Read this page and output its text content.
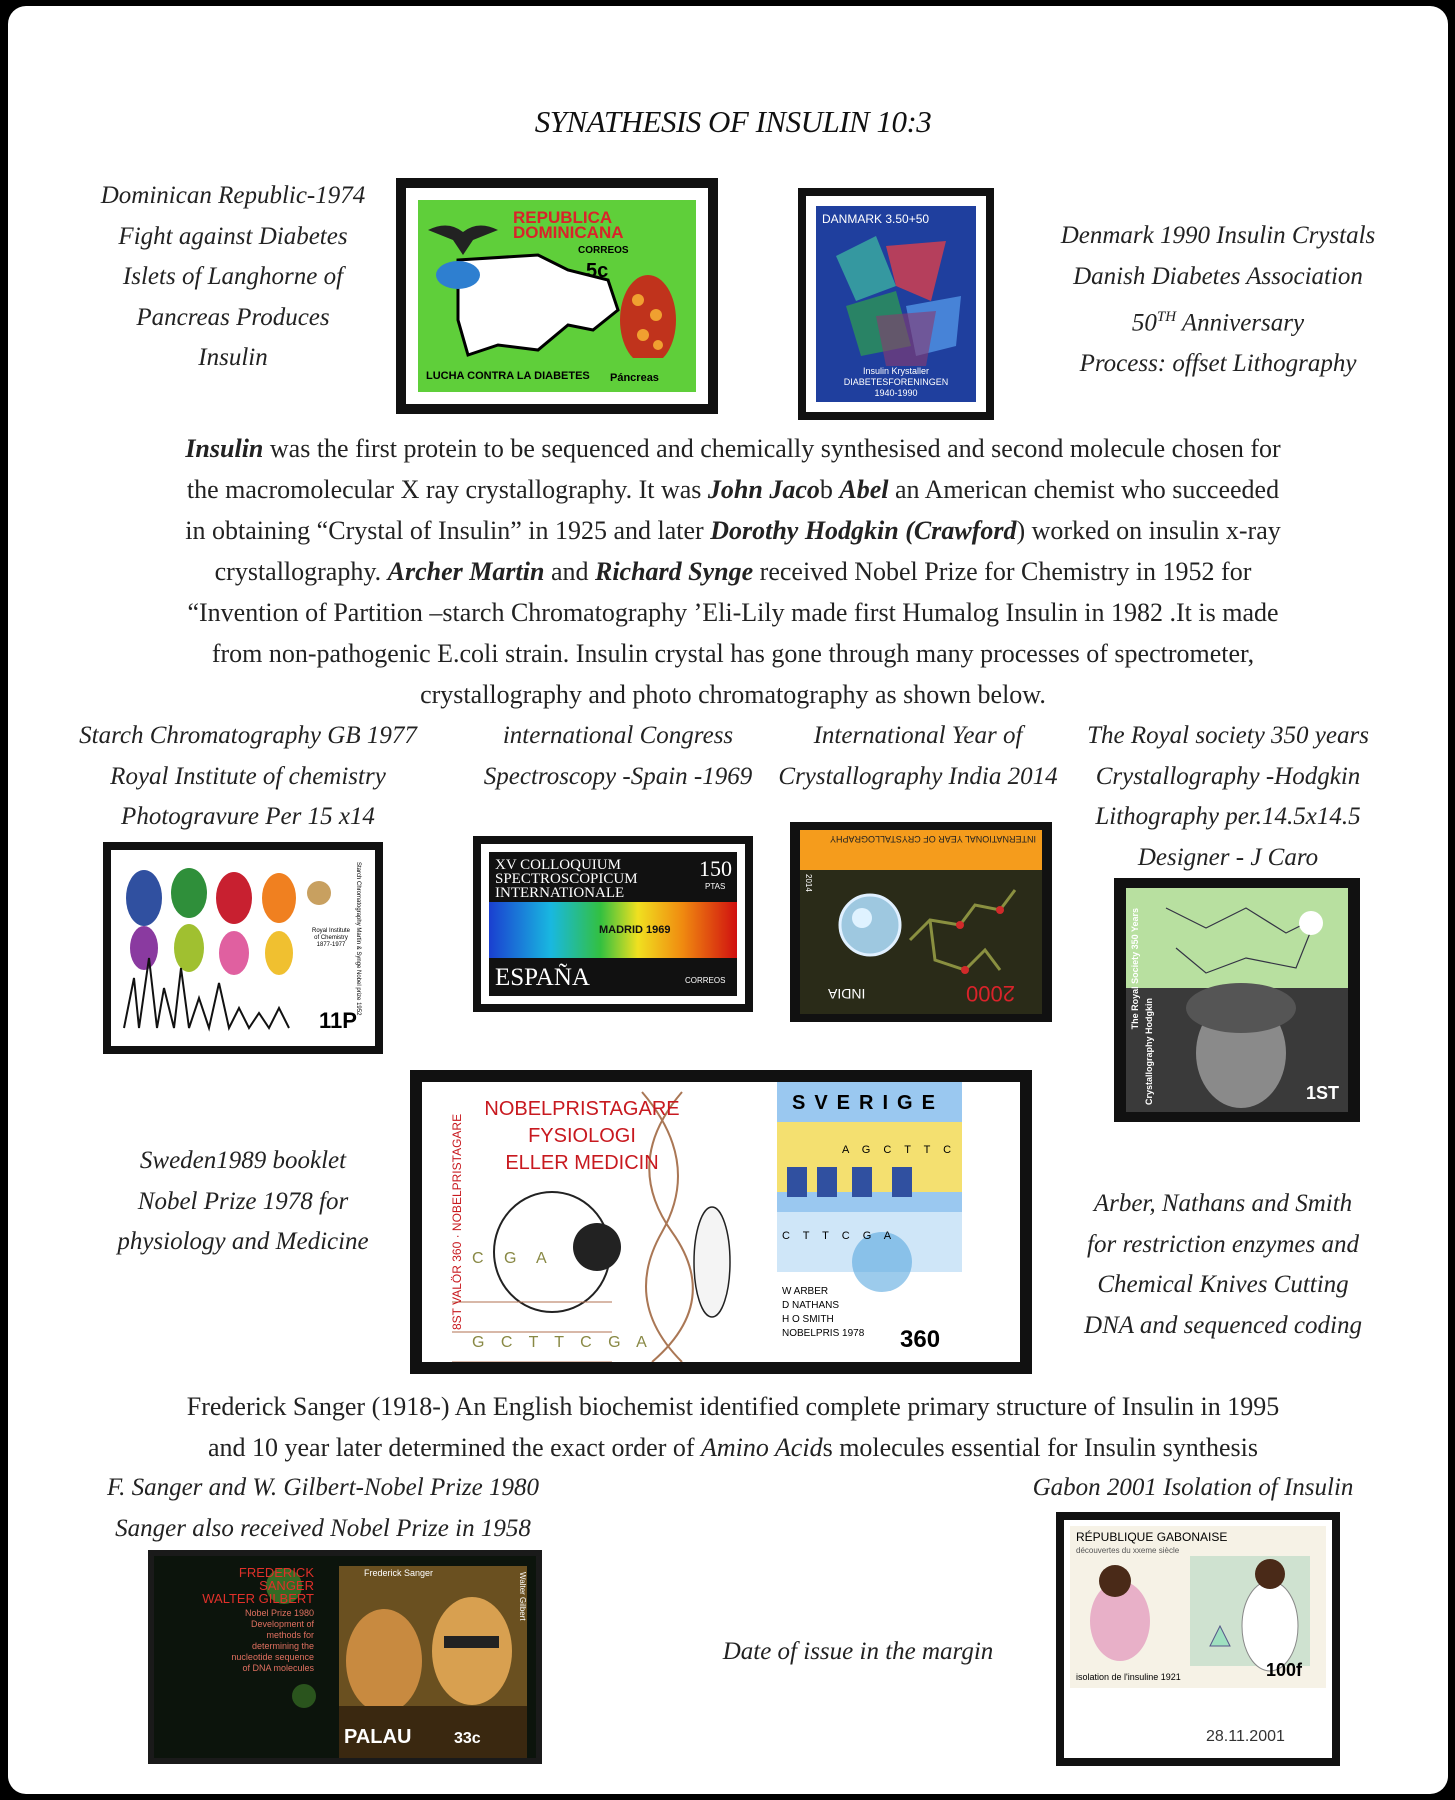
SYNATHESIS OF INSULIN 10:3
Dominican Republic-1974
Fight against Diabetes
Islets of Langhorne of
Pancreas Produces
Insulin
REPUBLICA
DOMINICANA
CORREOS
5c
LUCHA CONTRA LA DIABETES Páncreas
DANMARK 3.50+50
Insulin Krystaller
DIABETESFORENINGEN
1940-1990
Denmark 1990 Insulin Crystals
Danish Diabetes Association
50TH Anniversary
Process: offset Lithography
Insulin was the first protein to be sequenced and chemically synthesised and second molecule chosen for
the macromolecular X ray crystallography. It was John Jacob Abel an American chemist who succeeded
in obtaining “Crystal of Insulin” in 1925 and later Dorothy Hodgkin (Crawford) worked on insulin x-ray
crystallography. Archer Martin and Richard Synge received Nobel Prize for Chemistry in 1952 for
“Invention of Partition –starch Chromatography ’Eli-Lily made first Humalog Insulin in 1982 .It is made
from non-pathogenic E.coli strain. Insulin crystal has gone through many processes of spectrometer,
crystallography and photo chromatography as shown below.
Starch Chromatography GB 1977
Royal Institute of chemistry
Photogravure Per 15 x14
international Congress
Spectroscopy -Spain -1969
International Year of
Crystallography India 2014
The Royal society 350 years
Crystallography -Hodgkin
Lithography per.14.5x14.5
Designer - J Caro
Royal Institute of Chemistry 1877-1977
11P
Starch Chromatography Martin & Synge Nobel prize 1952	XV COLLOQUIUM
SPECTROSCOPICUM
INTERNATIONALE
150
PTAS
MADRID 1969
ESPAÑA	CORREOS
INTERNATIONAL YEAR OF CRYSTALLOGRAPHY
INDIA	2000
2014
The Royal Society 350 Years
Crystallography Hodgkin	1ST
Sweden1989 booklet
Nobel Prize 1978 for
physiology and Medicine
NOBELPRISTAGARE
FYSIOLOGI
ELLER MEDICIN
8ST VALÖR 360 · NOBELPRISTAGARE C G A
G C T T C G A
SVERIGE
A G C T T C
C T T C G A
W ARBER
D NATHANS
H O SMITH
NOBELPRIS 1978 360
Arber, Nathans and Smith
for restriction enzymes and
Chemical Knives Cutting
DNA and sequenced coding
Frederick Sanger (1918-) An English biochemist identified complete primary structure of Insulin in 1995
and 10 year later determined the exact order of Amino Acids molecules essential for Insulin synthesis
F. Sanger and W. Gilbert-Nobel Prize 1980
Sanger also received Nobel Prize in 1958
Gabon 2001 Isolation of Insulin
FREDERICK
SANGER
WALTER GILBERT
Nobel Prize 1980
Development of
methods for
determining the
nucleotide sequence
of DNA molecules
Frederick Sanger	Walter Gilbert
PALAU	33c
Date of issue in the margin
RÉPUBLIQUE GABONAISE
découvertes du xxeme siècle
isolation de l'insuline 1921	100f
28.11.2001
